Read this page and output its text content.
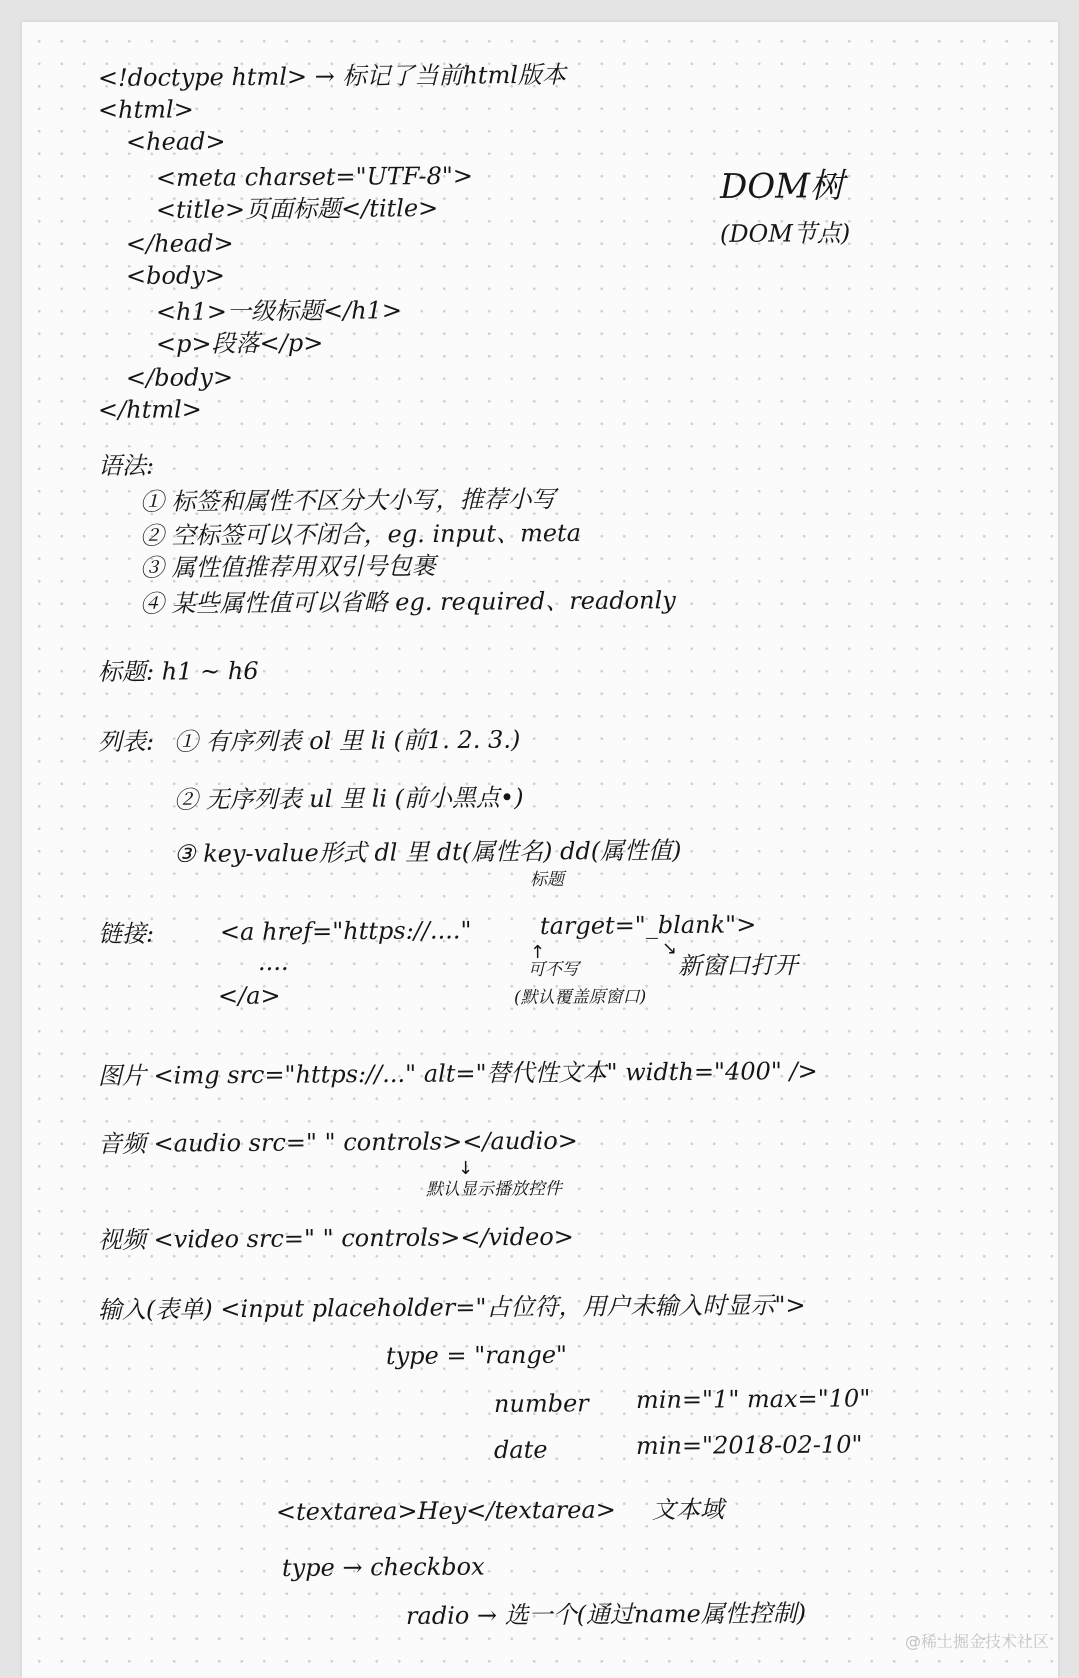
<!doctype html> → 标记了当前html版本
<html>
<head>
<meta charset="UTF-8">
<title>页面标题</title>
</head>
<body>
<h1>一级标题</h1>
<p>段落</p>
</body>
</html>
DOM树
(DOM节点)
语法:
① 标签和属性不区分大小写，推荐小写
② 空标签可以不闭合，eg. input、meta
③ 属性值推荐用双引号包裹
④ 某些属性值可以省略 eg. required、readonly
标题: h1 ~ h6
列表: ① 有序列表 ol 里 li (前1. 2. 3.)
② 无序列表 ul 里 li (前小黑点•)
③ key-value形式 dl 里 dt(属性名) dd(属性值)
标题
链接:	<a href="https://...."	target="_blank">
新窗口打开
....
</a>
可不写
(默认覆盖原窗口)
↑	↘
图片 <img src="https://..." alt="替代性文本" width="400" />
音频 <audio src=" " controls></audio>
↓
默认显示播放控件
视频 <video src=" " controls></video>
输入(表单) <input placeholder="占位符，用户未输入时显示">
type = "range"
number min="1" max="10"
date	min="2018-02-10"
<textarea>Hey</textarea> 文本域
type → checkbox
radio → 选一个(通过name属性控制)
@稀土掘金技术社区
